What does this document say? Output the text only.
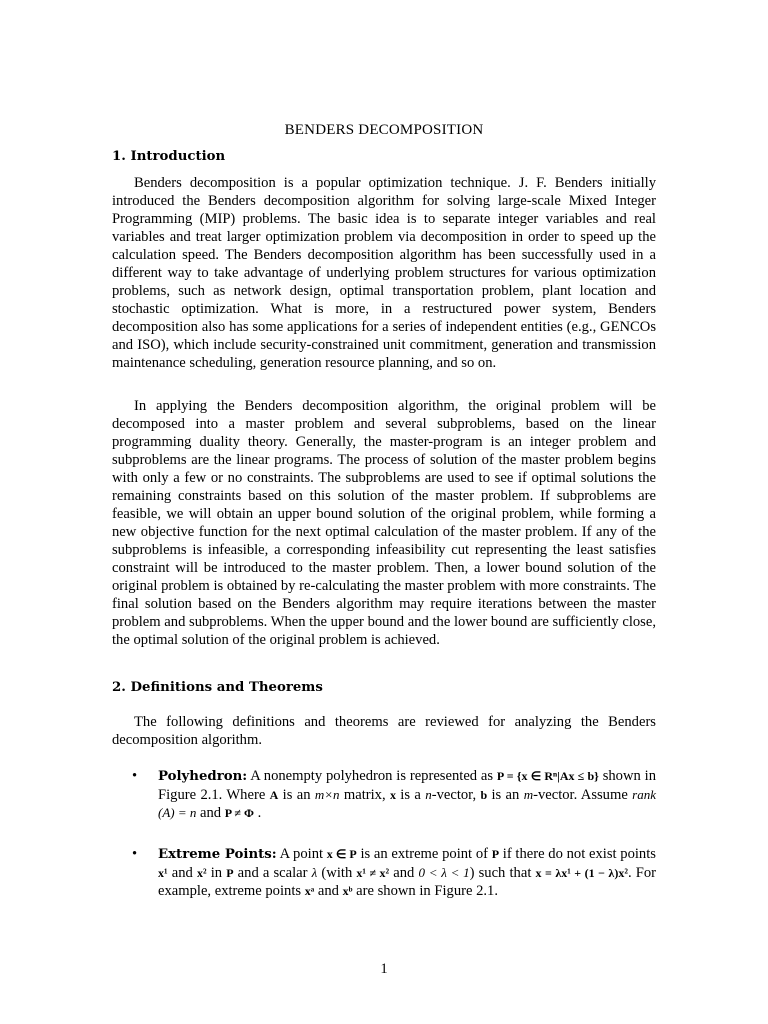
BENDERS DECOMPOSITION
1. Introduction
Benders decomposition is a popular optimization technique. J. F. Benders initially introduced the Benders decomposition algorithm for solving large-scale Mixed Integer Programming (MIP) problems. The basic idea is to separate integer variables and real variables and treat larger optimization problem via decomposition in order to speed up the calculation speed. The Benders decomposition algorithm has been successfully used in a different way to take advantage of underlying problem structures for various optimization problems, such as network design, optimal transportation problem, plant location and stochastic optimization. What is more, in a restructured power system, Benders decomposition also has some applications for a series of independent entities (e.g., GENCOs and ISO), which include security-constrained unit commitment, generation and transmission maintenance scheduling, generation resource planning, and so on.
In applying the Benders decomposition algorithm, the original problem will be decomposed into a master problem and several subproblems, based on the linear programming duality theory. Generally, the master-program is an integer problem and subproblems are the linear programs. The process of solution of the master problem begins with only a few or no constraints. The subproblems are used to see if optimal solutions the remaining constraints based on this solution of the master problem. If subproblems are feasible, we will obtain an upper bound solution of the original problem, while forming a new objective function for the next optimal calculation of the master problem. If any of the subproblems is infeasible, a corresponding infeasibility cut representing the least satisfies constraint will be introduced to the master problem. Then, a lower bound solution of the original problem is obtained by re-calculating the master problem with more constraints. The final solution based on the Benders algorithm may require iterations between the master problem and subproblems. When the upper bound and the lower bound are sufficiently close, the optimal solution of the original problem is achieved.
2. Definitions and Theorems
The following definitions and theorems are reviewed for analyzing the Benders decomposition algorithm.
• Polyhedron: A nonempty polyhedron is represented as P = {x ∈ Rⁿ|Ax ≤ b} shown in Figure 2.1. Where A is an m×n matrix, x is a n-vector, b is an m-vector. Assume rank (A) = n and P ≠ Φ .
• Extreme Points: A point x ∈ P is an extreme point of P if there do not exist points x¹ and x² in P and a scalar λ (with x¹ ≠ x² and 0 < λ < 1) such that x = λx¹ + (1 − λ)x². For example, extreme points xᵃ and xᵇ are shown in Figure 2.1.
1
